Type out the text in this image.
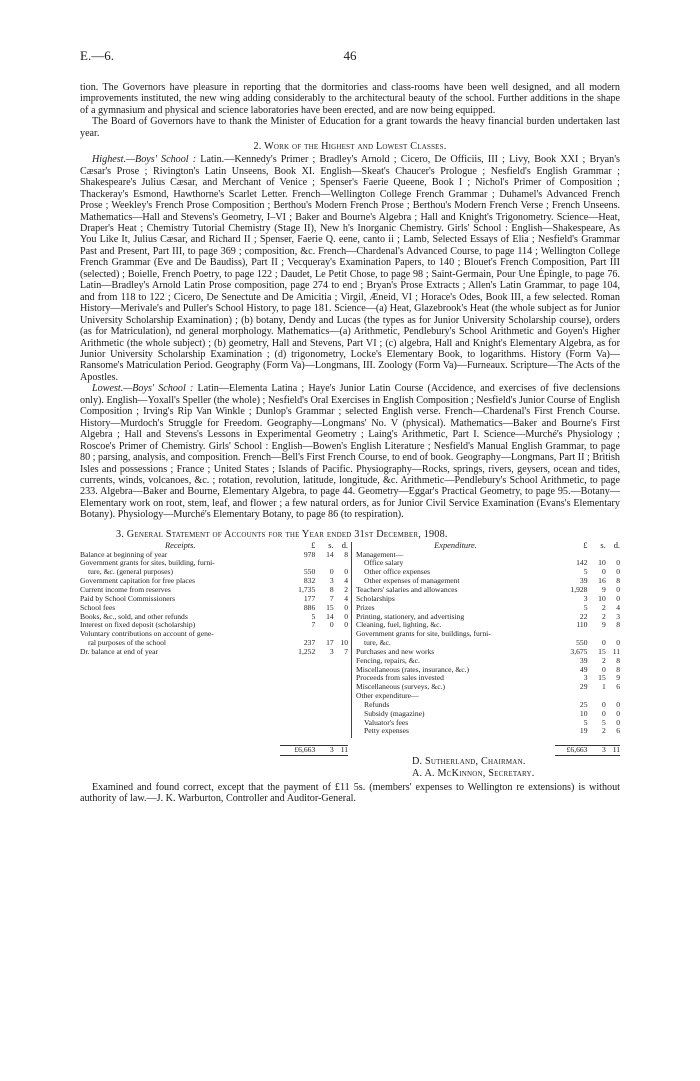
E.—6.	46

tion. The Governors have pleasure in reporting that the dormitories and class-rooms have been well designed, and all modern improvements instituted, the new wing adding considerably to the architectural beauty of the school. Further additions in the shape of a gymnasium and physical and science laboratories have been erected, and are now being equipped.

The Board of Governors have to thank the Minister of Education for a grant towards the heavy financial burden undertaken last year.

2. Work of the Highest and Lowest Classes.

Highest.—Boys' School : Latin.—Kennedy's Primer ; Bradley's Arnold ; Cicero, De Officiis, III ; Livy, Book XXI ; Bryan's Cæsar's Prose ; Rivington's Latin Unseens, Book XI. English—Skeat's Chaucer's Prologue ; Nesfield's English Grammar ; Shakespeare's Julius Cæsar, and Merchant of Venice ; Spenser's Faerie Queene, Book I ; Nichol's Primer of Composition ; Thackeray's Esmond, Hawthorne's Scarlet Letter. French—Wellington College French Grammar ; Duhamel's Advanced French Prose ; Weekley's French Prose Composition ; Berthou's Modern French Prose ; Berthou's Modern French Verse ; French Unseens. Mathematics—Hall and Stevens's Geometry, I–VI ; Baker and Bourne's Algebra ; Hall and Knight's Trigonometry. Science—Heat, Draper's Heat ; Chemistry Tutorial Chemistry (Stage II), New h's Inorganic Chemistry. Girls' School : English—Shakespeare, As You Like It, Julius Cæsar, and Richard II ; Spenser, Faerie Q. eene, canto ii ; Lamb, Selected Essays of Elia ; Nesfield's Grammar Past and Present, Part III, to page 369 ; composition, &c. French—Chardenal's Advanced Course, to page 114 ; Wellington College French Grammar (Eve and De Baudiss), Part II ; Vecqueray's Examination Papers, to 140 ; Blouet's French Composition, Part III (selected) ; Boielle, French Poetry, to page 122 ; Daudet, Le Petit Chose, to page 98 ; Saint-Germain, Pour Une Épingle, to page 76. Latin—Bradley's Arnold Latin Prose composition, page 274 to end ; Bryan's Prose Extracts ; Allen's Latin Grammar, to page 104, and from 118 to 122 ; Cicero, De Senectute and De Amicitia ; Virgil, Æneid, VI ; Horace's Odes, Book III, a few selected. Roman History—Merivale's and Puller's School History, to page 181. Science—(a) Heat, Glazebrook's Heat (the whole subject as for Junior University Scholarship Examination) ; (b) botany, Dendy and Lucas (the types as for Junior University Scholarship course), orders (as for Matriculation), nd general morphology. Mathematics—(a) Arithmetic, Pendlebury's School Arithmetic and Goyen's Higher Arithmetic (the whole subject) ; (b) geometry, Hall and Stevens, Part VI ; (c) algebra, Hall and Knight's Elementary Algebra, as for Junior University Scholarship Examination ; (d) trigonometry, Locke's Elementary Book, to logarithms. History (Form Va)—Ransome's Matriculation Period. Geography (Form Va)—Longmans, III. Zoology (Form Va)—Furneaux. Scripture—The Acts of the Apostles.

Lowest.—Boys' School : Latin—Elementa Latina ; Haye's Junior Latin Course (Accidence, and exercises of five declensions only). English—Yoxall's Speller (the whole) ; Nesfield's Oral Exercises in English Composition ; Nesfield's Junior Course of English Composition ; Irving's Rip Van Winkle ; Dunlop's Grammar ; selected English verse. French—Chardenal's First French Course. History—Murdoch's Struggle for Freedom. Geography—Longmans' No. V (physical). Mathematics—Baker and Bourne's First Algebra ; Hall and Stevens's Lessons in Experimental Geometry ; Laing's Arithmetic, Part I. Science—Murché's Physiology ; Roscoe's Primer of Chemistry. Girls' School : English—Bowen's English Literature ; Nesfield's Manual English Grammar, to page 80 ; parsing, analysis, and composition. French—Bell's First French Course, to end of book. Geography—Longmans, Part II ; British Isles and possessions ; France ; United States ; Islands of Pacific. Physiography—Rocks, springs, rivers, geysers, ocean and tides, currents, winds, volcanoes, &c. ; rotation, revolution, latitude, longitude, &c. Arithmetic—Pendlebury's School Arithmetic, to page 233. Algebra—Baker and Bourne, Elementary Algebra, to page 44. Geometry—Eggar's Practical Geometry, to page 95.—Botany—Elementary work on root, stem, leaf, and flower ; a few natural orders, as for Junior Civil Service Examination (Evans's Elementary Botany). Physiology—Murché's Elementary Botany, to page 86 (to respiration).

3. General Statement of Accounts for the Year ended 31st December, 1908.
Receipts.	£	s.	d.
Balance at beginning of year	978	14	8
Government grants for sites, building, furni-			
ture, &c. (general purposes)	550	0	0
Government capitation for free places	832	3	4
Current income from reserves	1,735	8	2
Paid by School Commissioners	177	7	4
School fees	886	15	0
Books, &c., sold, and other refunds	5	14	0
Interest on fixed deposit (scholarship)	7	0	0
Voluntary contributions on account of gene-			
ral purposes of the school	237	17	10
Dr. balance at end of year	1,252	3	7

	£6,663	3	11
Expenditure.	£	s.	d.
Management—			
Office salary	142	10	0
Other office expenses	5	0	0
Other expenses of management	39	16	8
Teachers' salaries and allowances	1,928	9	0
Scholarships	3	10	0
Prizes	5	2	4
Printing, stationery, and advertising	22	2	3
Cleaning, fuel, lighting, &c.	110	9	8
Government grants for site, buildings, furni-			
ture, &c.	550	0	0
Purchases and new works	3,675	15	11
Fencing, repairs, &c.	39	2	8
Miscellaneous (rates, insurance, &c.)	49	0	8
Proceeds from sales invested	3	15	9
Miscellaneous (surveys, &c.)	29	1	6
Other expenditure—			
Refunds	25	0	0
Subsidy (magazine)	10	0	0
Valuator's fees	5	5	0
Petty expenses	19	2	6

	£6,663	3	11
D. Sutherland, Chairman.
A. A. McKinnon, Secretary.

Examined and found correct, except that the payment of £11 5s. (members' expenses to Wellington re extensions) is without authority of law.—J. K. Warburton, Controller and Auditor-General.
